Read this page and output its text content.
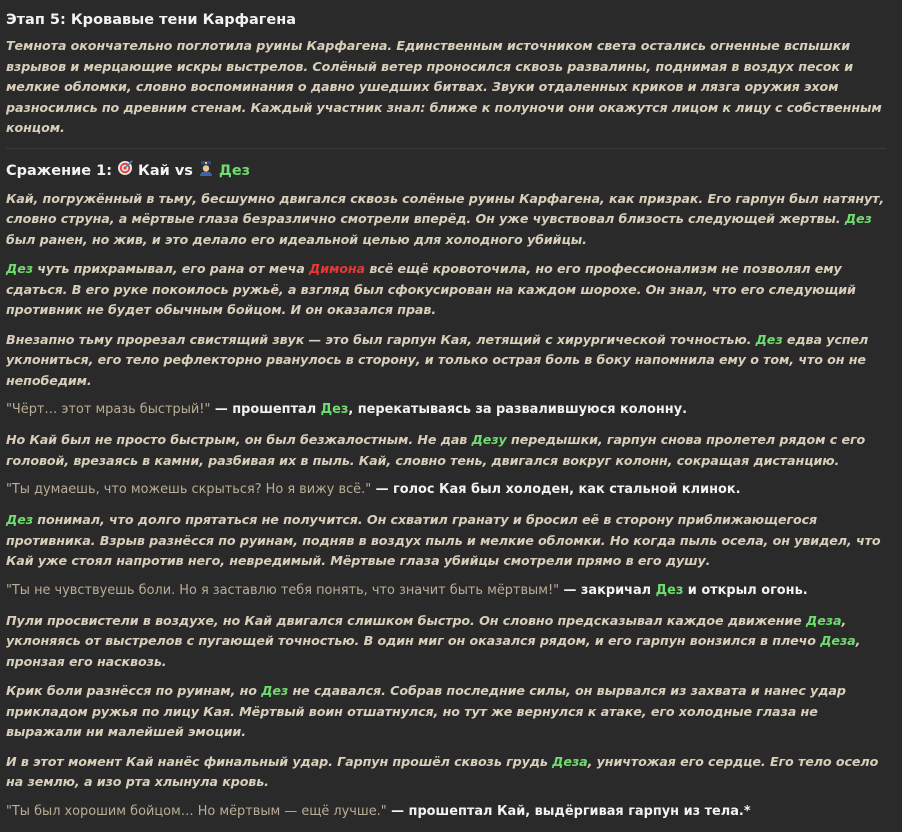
Этап 5: Кровавые тени Карфагена

Темнота окончательно поглотила руины Карфагена. Единственным источником света остались огненные вспышки взрывов и мерцающие искры выстрелов. Солёный ветер проносился сквозь развалины, поднимая в воздух песок и мелкие обломки, словно воспоминания о давно ушедших битвах. Звуки отдаленных криков и лязга оружия эхом разносились по древним стенам. Каждый участник знал: ближе к полуночи они окажутся лицом к лицу с собственным концом.

Сражение 1: Кай vs Дез

Кай, погружённый в тьму, бесшумно двигался сквозь солёные руины Карфагена, как призрак. Его гарпун был натянут, словно струна, а мёртвые глаза безразлично смотрели вперёд. Он уже чувствовал близость следующей жертвы. Дез был ранен, но жив, и это делало его идеальной целью для холодного убийцы.

Дез чуть прихрамывал, его рана от меча Димона всё ещё кровоточила, но его профессионализм не позволял ему сдаться. В его руке покоилось ружьё, а взгляд был сфокусирован на каждом шорохе. Он знал, что его следующий противник не будет обычным бойцом. И он оказался прав.

Внезапно тьму прорезал свистящий звук — это был гарпун Кая, летящий с хирургической точностью. Дез едва успел уклониться, его тело рефлекторно рванулось в сторону, и только острая боль в боку напомнила ему о том, что он не непобедим.

"Чёрт… этот мразь быстрый!" — прошептал Дез, перекатываясь за развалившуюся колонну.

Но Кай был не просто быстрым, он был безжалостным. Не дав Дезу передышки, гарпун снова пролетел рядом с его головой, врезаясь в камни, разбивая их в пыль. Кай, словно тень, двигался вокруг колонн, сокращая дистанцию.

"Ты думаешь, что можешь скрыться? Но я вижу всё." — голос Кая был холоден, как стальной клинок.

Дез понимал, что долго прятаться не получится. Он схватил гранату и бросил её в сторону приближающегося противника. Взрыв разнёсся по руинам, подняв в воздух пыль и мелкие обломки. Но когда пыль осела, он увидел, что Кай уже стоял напротив него, невредимый. Мёртвые глаза убийцы смотрели прямо в его душу.

"Ты не чувствуешь боли. Но я заставлю тебя понять, что значит быть мёртвым!" — закричал Дез и открыл огонь.

Пули просвистели в воздухе, но Кай двигался слишком быстро. Он словно предсказывал каждое движение Деза, уклоняясь от выстрелов с пугающей точностью. В один миг он оказался рядом, и его гарпун вонзился в плечо Деза, пронзая его насквозь.

Крик боли разнёсся по руинам, но Дез не сдавался. Собрав последние силы, он вырвался из захвата и нанес удар прикладом ружья по лицу Кая. Мёртвый воин отшатнулся, но тут же вернулся к атаке, его холодные глаза не выражали ни малейшей эмоции.

И в этот момент Кай нанёс финальный удар. Гарпун прошёл сквозь грудь Деза, уничтожая его сердце. Его тело осело на землю, а изо рта хлынула кровь.

"Ты был хорошим бойцом… Но мёртвым — ещё лучше." — прошептал Кай, выдёргивая гарпун из тела.*
